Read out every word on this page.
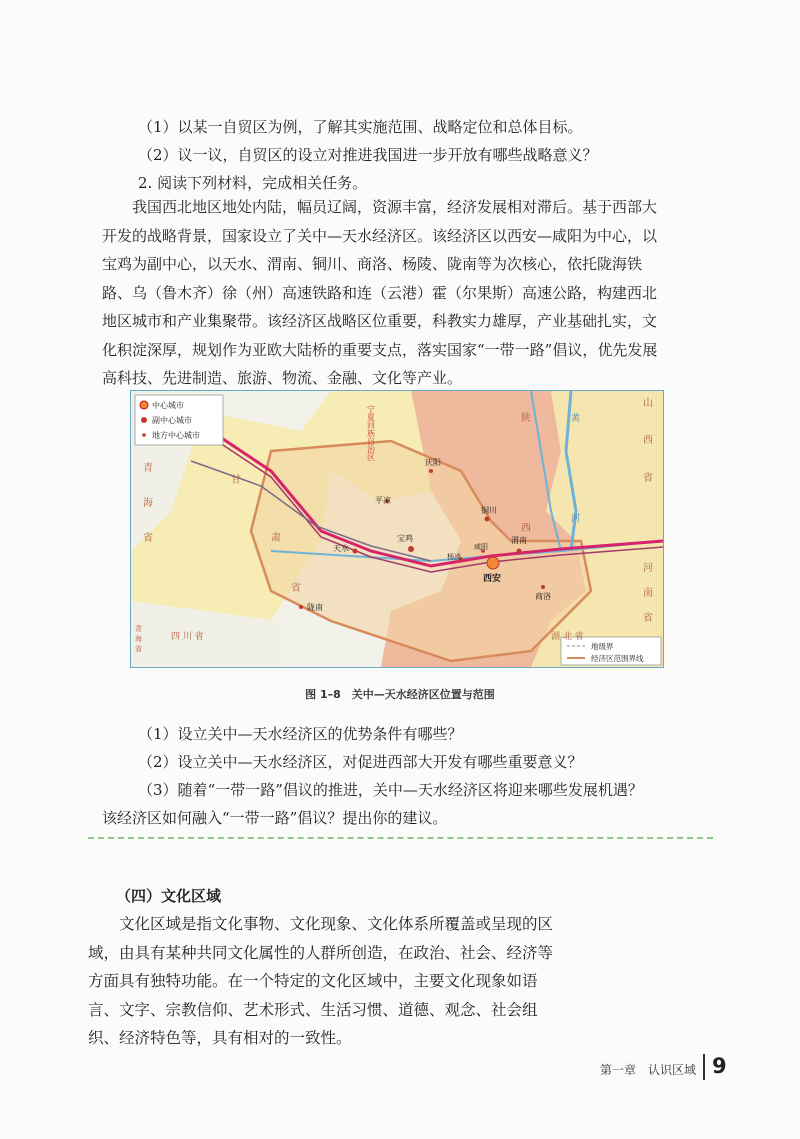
（1）以某一自贸区为例，了解其实施范围、战略定位和总体目标。

（2）议一议，自贸区的设立对推进我国进一步开放有哪些战略意义？

2. 阅读下列材料，完成相关任务。

我国西北地区地处内陆，幅员辽阔，资源丰富，经济发展相对滞后。基于西部大开发的战略背景，国家设立了关中—天水经济区。该经济区以西安—咸阳为中心，以宝鸡为副中心，以天水、渭南、铜川、商洛、杨陵、陇南等为次核心，依托陇海铁路、乌（鲁木齐）徐（州）高速铁路和连（云港）霍（尔果斯）高速公路，构建西北地区城市和产业集聚带。该经济区战略区位重要，科教实力雄厚，产业基础扎实，文化积淀深厚，规划作为亚欧大陆桥的重要支点，落实国家“一带一路”倡议，优先发展高科技、先进制造、旅游、物流、金融、文化等产业。

中心城市
副中心城市
地方中心城市
地级界
经济区范围界线
宁夏回族自治区	陕
西
山
西
省
河
南
省
青
海
省
甘
肃
省
四 川 省	湖 北 省
青
海
省
黄
河
庆阳
平凉
铜川
宝鸡
天水
渭南
杨凌
咸阳
西安
商洛
陇南
图 1–8　关中—天水经济区位置与范围

（1）设立关中—天水经济区的优势条件有哪些？

（2）设立关中—天水经济区，对促进西部大开发有哪些重要意义？

（3）随着“一带一路”倡议的推进，关中—天水经济区将迎来哪些发展机遇？

该经济区如何融入“一带一路”倡议？提出你的建议。

（四）文化区域

文化区域是指文化事物、文化现象、文化体系所覆盖或呈现的区域，由具有某种共同文化属性的人群所创造，在政治、社会、经济等方面具有独特功能。在一个特定的文化区域中，主要文化现象如语言、文字、宗教信仰、艺术形式、生活习惯、道德、观念、社会组织、经济特色等，具有相对的一致性。

第一章　认识区域 9
